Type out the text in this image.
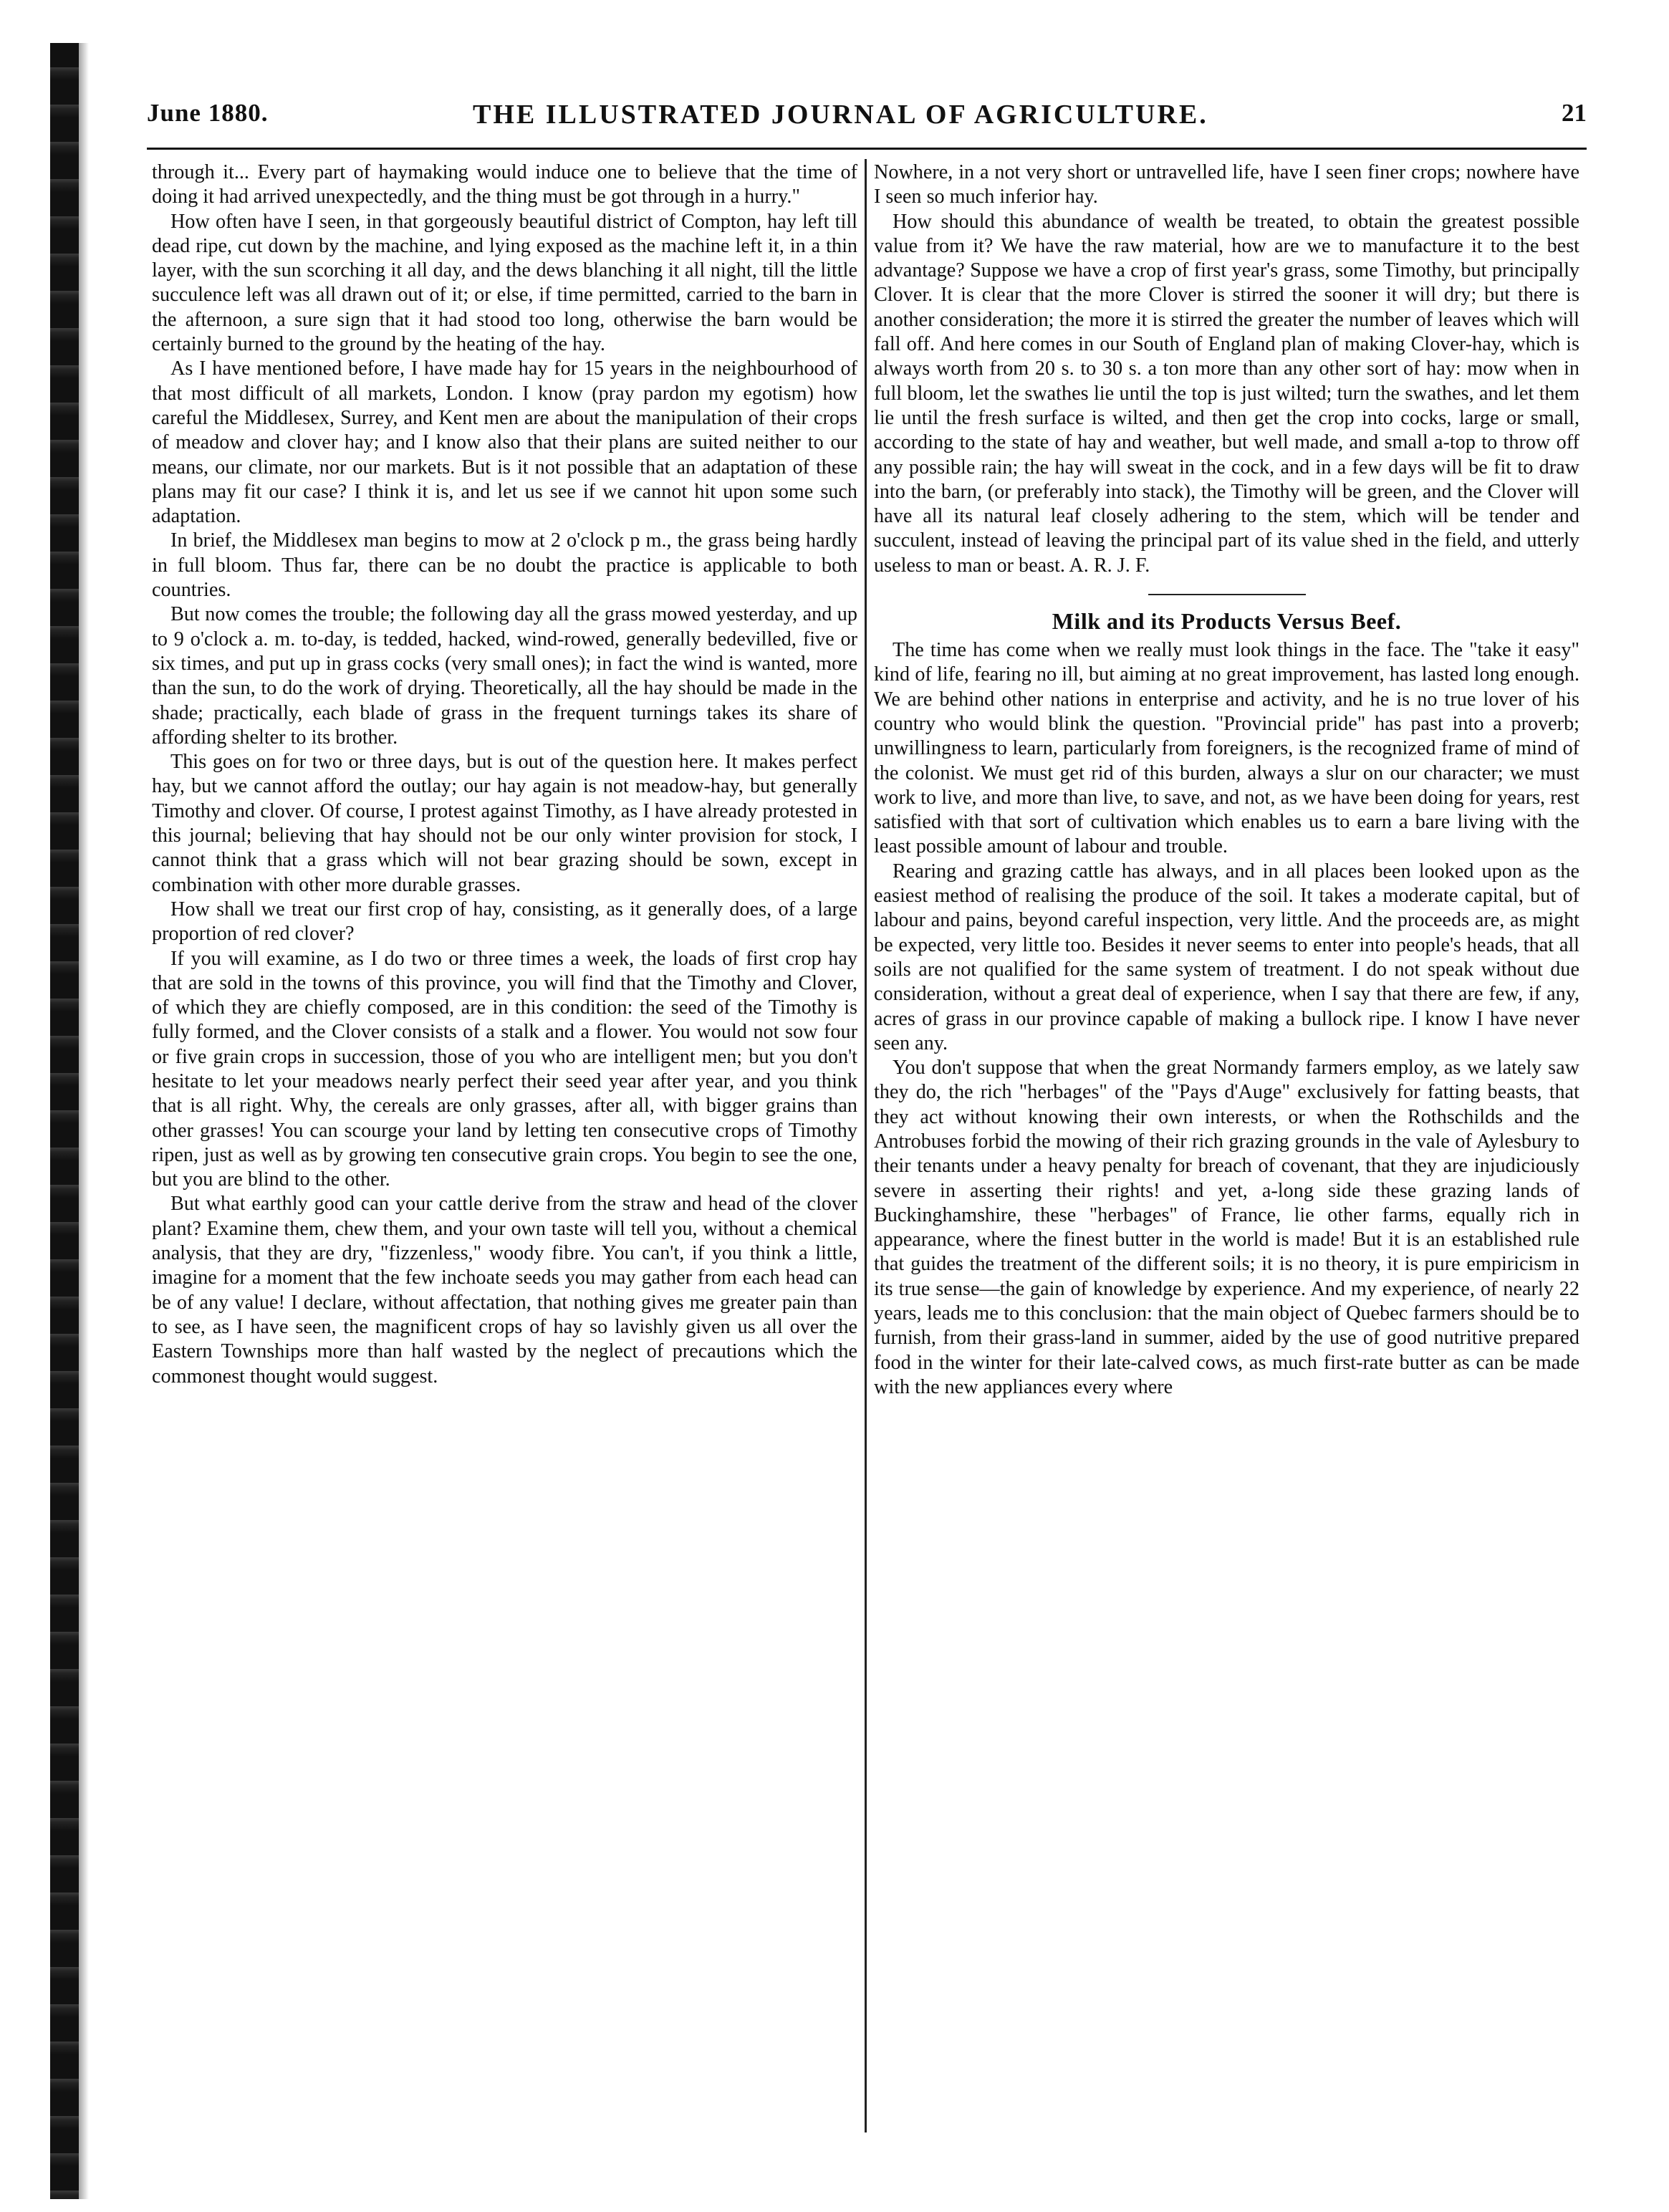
June 1880.	THE ILLUSTRATED JOURNAL OF AGRICULTURE.	21

through it... Every part of haymaking would induce one to believe that the time of doing it had arrived unexpectedly, and the thing must be got through in a hurry."

How often have I seen, in that gorgeously beautiful district of Compton, hay left till dead ripe, cut down by the machine, and lying exposed as the machine left it, in a thin layer, with the sun scorching it all day, and the dews blanching it all night, till the little succulence left was all drawn out of it; or else, if time permitted, carried to the barn in the afternoon, a sure sign that it had stood too long, otherwise the barn would be certainly burned to the ground by the heating of the hay.

As I have mentioned before, I have made hay for 15 years in the neighbourhood of that most difficult of all markets, London. I know (pray pardon my egotism) how careful the Middlesex, Surrey, and Kent men are about the manipulation of their crops of meadow and clover hay; and I know also that their plans are suited neither to our means, our climate, nor our markets. But is it not possible that an adaptation of these plans may fit our case? I think it is, and let us see if we cannot hit upon some such adaptation.

In brief, the Middlesex man begins to mow at 2 o'clock p m., the grass being hardly in full bloom. Thus far, there can be no doubt the practice is applicable to both countries.

But now comes the trouble; the following day all the grass mowed yesterday, and up to 9 o'clock a. m. to-day, is tedded, hacked, wind-rowed, generally bedevilled, five or six times, and put up in grass cocks (very small ones); in fact the wind is wanted, more than the sun, to do the work of drying. Theoretically, all the hay should be made in the shade; practically, each blade of grass in the frequent turnings takes its share of affording shelter to its brother.

This goes on for two or three days, but is out of the question here. It makes perfect hay, but we cannot afford the outlay; our hay again is not meadow-hay, but generally Timothy and clover. Of course, I protest against Timothy, as I have already protested in this journal; believing that hay should not be our only winter provision for stock, I cannot think that a grass which will not bear grazing should be sown, except in combination with other more durable grasses.

How shall we treat our first crop of hay, consisting, as it generally does, of a large proportion of red clover?

If you will examine, as I do two or three times a week, the loads of first crop hay that are sold in the towns of this province, you will find that the Timothy and Clover, of which they are chiefly composed, are in this condition: the seed of the Timothy is fully formed, and the Clover consists of a stalk and a flower. You would not sow four or five grain crops in succession, those of you who are intelligent men; but you don't hesitate to let your meadows nearly perfect their seed year after year, and you think that is all right. Why, the cereals are only grasses, after all, with bigger grains than other grasses! You can scourge your land by letting ten consecutive crops of Timothy ripen, just as well as by growing ten consecutive grain crops. You begin to see the one, but you are blind to the other.

But what earthly good can your cattle derive from the straw and head of the clover plant? Examine them, chew them, and your own taste will tell you, without a chemical analysis, that they are dry, "fizzenless," woody fibre. You can't, if you think a little, imagine for a moment that the few inchoate seeds you may gather from each head can be of any value! I declare, without affectation, that nothing gives me greater pain than to see, as I have seen, the magnificent crops of hay so lavishly given us all over the Eastern Townships more than half wasted by the neglect of precautions which the commonest thought would suggest.

Nowhere, in a not very short or untravelled life, have I seen finer crops; nowhere have I seen so much inferior hay.

How should this abundance of wealth be treated, to obtain the greatest possible value from it? We have the raw material, how are we to manufacture it to the best advantage? Suppose we have a crop of first year's grass, some Timothy, but principally Clover. It is clear that the more Clover is stirred the sooner it will dry; but there is another consideration; the more it is stirred the greater the number of leaves which will fall off. And here comes in our South of England plan of making Clover-hay, which is always worth from 20 s. to 30 s. a ton more than any other sort of hay: mow when in full bloom, let the swathes lie until the top is just wilted; turn the swathes, and let them lie until the fresh surface is wilted, and then get the crop into cocks, large or small, according to the state of hay and weather, but well made, and small a-top to throw off any possible rain; the hay will sweat in the cock, and in a few days will be fit to draw into the barn, (or preferably into stack), the Timothy will be green, and the Clover will have all its natural leaf closely adhering to the stem, which will be tender and succulent, instead of leaving the principal part of its value shed in the field, and utterly useless to man or beast. A. R. J. F.

Milk and its Products Versus Beef.

The time has come when we really must look things in the face. The "take it easy" kind of life, fearing no ill, but aiming at no great improvement, has lasted long enough. We are behind other nations in enterprise and activity, and he is no true lover of his country who would blink the question. "Provincial pride" has past into a proverb; unwillingness to learn, particularly from foreigners, is the recognized frame of mind of the colonist. We must get rid of this burden, always a slur on our character; we must work to live, and more than live, to save, and not, as we have been doing for years, rest satisfied with that sort of cultivation which enables us to earn a bare living with the least possible amount of labour and trouble.

Rearing and grazing cattle has always, and in all places been looked upon as the easiest method of realising the produce of the soil. It takes a moderate capital, but of labour and pains, beyond careful inspection, very little. And the proceeds are, as might be expected, very little too. Besides it never seems to enter into people's heads, that all soils are not qualified for the same system of treatment. I do not speak without due consideration, without a great deal of experience, when I say that there are few, if any, acres of grass in our province capable of making a bullock ripe. I know I have never seen any.

You don't suppose that when the great Normandy farmers employ, as we lately saw they do, the rich "herbages" of the "Pays d'Auge" exclusively for fatting beasts, that they act without knowing their own interests, or when the Rothschilds and the Antrobuses forbid the mowing of their rich grazing grounds in the vale of Aylesbury to their tenants under a heavy penalty for breach of covenant, that they are injudiciously severe in asserting their rights! and yet, a-long side these grazing lands of Buckinghamshire, these "herbages" of France, lie other farms, equally rich in appearance, where the finest butter in the world is made! But it is an established rule that guides the treatment of the different soils; it is no theory, it is pure empiricism in its true sense—the gain of knowledge by experience. And my experience, of nearly 22 years, leads me to this conclusion: that the main object of Quebec farmers should be to furnish, from their grass-land in summer, aided by the use of good nutritive prepared food in the winter for their late-calved cows, as much first-rate butter as can be made with the new appliances every where
